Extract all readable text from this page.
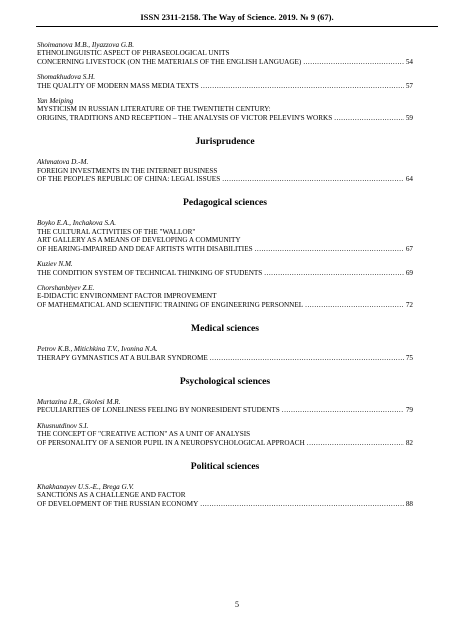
ISSN 2311-2158. The Way of Science. 2019. № 9 (67).
Shoimanova M.B., Ilyazzova G.B.
ETHNOLINGUISTIC ASPECT OF PHRASEOLOGICAL UNITS
CONCERNING LIVESTOCK (ON THE MATERIALS OF THE ENGLISH LANGUAGE) .....	54
Shomakhudova S.H.
THE QUALITY OF MODERN MASS MEDIA TEXTS .....	57
Yan Meiping
MYSTICISM IN RUSSIAN LITERATURE OF THE TWENTIETH CENTURY:
ORIGINS, TRADITIONS AND RECEPTION – THE ANALYSIS OF VICTOR PELEVIN'S WORKS .....	59
Jurisprudence
Akhmatova D.-M.
FOREIGN INVESTMENTS IN THE INTERNET BUSINESS
OF THE PEOPLE'S REPUBLIC OF CHINA: LEGAL ISSUES .....	64
Pedagogical sciences
Boyko E.A., Inchakova S.A.
THE CULTURAL ACTIVITIES OF THE "WALLOR"
ART GALLERY AS A MEANS OF DEVELOPING A COMMUNITY
OF HEARING-IMPAIRED AND DEAF ARTISTS WITH DISABILITIES .....	67
Kuziev N.M.
THE CONDITION SYSTEM OF TECHNICAL THINKING OF STUDENTS .....	69
Chorshanbiyev Z.E.
E-DIDACTIC ENVIRONMENT FACTOR IMPROVEMENT
OF MATHEMATICAL AND SCIENTIFIC TRAINING OF ENGINEERING PERSONNEL .....	72
Medical sciences
Petrov K.B., Mitichkina T.V., Ivonina N.A.
THERAPY GYMNASTICS AT A BULBAR SYNDROME .....	75
Psychological sciences
Murtazina I.R., Gkolesi M.R.
PECULIARITIES OF LONELINESS FEELING BY NONRESIDENT STUDENTS .....	79
Khusnutdinov S.I.
THE CONCEPT OF "CREATIVE ACTION" AS A UNIT OF ANALYSIS
OF PERSONALITY OF A SENIOR PUPIL IN A NEUROPSYCHOLOGICAL APPROACH .....	82
Political sciences
Khakhanayev U.S.-E., Brega G.V.
SANCTIONS AS A CHALLENGE AND FACTOR
OF DEVELOPMENT OF THE RUSSIAN ECONOMY .....	88
5
